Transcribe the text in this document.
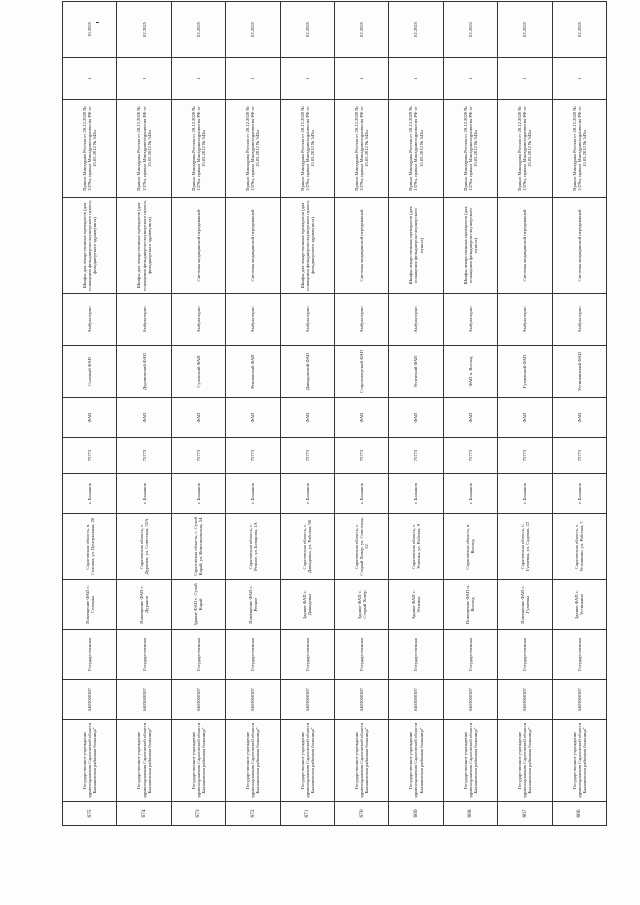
675	Государственное учреждение здравоохранения Саратовской области Балашовская районная больница"	6403000387	Государственная	Помещение ФАП с. Соломка	Саратовская область, п. Соловка, ул. Центральная, 26	г. Балашов	75773	ФАП	Соловый ФАП	Амбулаторно	Шкафы для лекарственных препаратов (для оснащения фельдшерско-акушерского пункта, фельдшерского здравпункта)	Приказ Минздрава России от 28.12.2020 № 1379н, приказ Минздравсоцразвития РФ от 15.05.2012 № 543н	1	10.2025
674	Государственное учреждение здравоохранения Саратовской области Балашовская районная больница"	6403000387	Государственная	Помещение ФАП с. Дуранов	Саратовская область, с. Дуранов, ул. Советская, 32А	г. Балашов	75773	ФАП	Дурановский ФАП	Амбулаторно	Шкафы для лекарственных препаратов (для оснащения фельдшерско-акушерского пункта, фельдшерского здравпункта)	Приказ Минздрава России от 28.12.2020 № 1379н, приказ Минздравсоцразвития РФ от 15.05.2012 № 543н	1	02.2025
673	Государственное учреждение здравоохранения Саратовской области Балашовская районная больница"	6403000387	Государственная	Здание ФАП с. Сухой Карай	Саратовская область, с. Сухой Карай, ул. Комсомольская, 54	г. Балашов	75773	ФАП	Суховский ФАП	Амбулаторно	Системы медицинской передвижной	Приказ Минздрава России от 28.12.2020 № 1379н, приказ Минздравсоцразвития РФ от 15.05.2012 № 543н	1	02.2025
672	Государственное учреждение здравоохранения Саратовской области Балашовская районная больница"	6403000387	Государственная	Помещение ФАП с. Репное	Саратовская область, с. Репное, ул. Бочарова, 1А	г. Балашов	75773	ФАП	Репновский ФАП	Амбулаторно	Системы медицинской передвижной	Приказ Минздрава России от 28.12.2020 № 1379н, приказ Минздравсоцразвития РФ от 15.05.2012 № 543н	1	02.2025
671	Государственное учреждение здравоохранения Саратовской области Балашовская районная больница"	6403000387	Государственная	Здание ФАП с. Давыдовка	Саратовская область, с. Давыдовка, ул. Рабочая, 98	г. Балашов	75773	ФАП	Давыдовский ФАП	Амбулаторно	Шкафы для лекарственных препаратов (для оснащения фельдшерско-акушерского пункта, фельдшерского здравпункта)	Приказ Минздрава России от 28.12.2020 № 1379н, приказ Минздравсоцразвития РФ от 15.05.2012 № 543н	1	02.2025
670	Государственное учреждение здравоохранения Саратовской области Балашовская районная больница"	6403000387	Государственная	Здание ФАП с. Старый Хопер	Саратовская область, с. Старый Хопер, ул. Советская, 52	г. Балашов	75773	ФАП	Старохоперский ФАП	Амбулаторно	Системы медицинской передвижной	Приказ Минздрава России от 28.12.2020 № 1379н, приказ Минздравсоцразвития РФ от 15.05.2012 № 543н	1	02.2025
669	Государственное учреждение здравоохранения Саратовской области Балашовская районная больница"	6403000387	Государственная	Здание ФАП с. Успенка	Саратовская область, с. Успенка, ул. Рабочая, 9	г. Балашов	75773	ФАП	Успенский ФАП	Амбулаторно	Шкафы лекарственных препаратов (для оснащения фельдшерско-акушерского пункта)	Приказ Минздрава России от 28.12.2020 № 1379н, приказ Минздравсоцразвития РФ от 15.05.2012 № 543н	1	02.2025
668	Государственное учреждение здравоохранения Саратовской области Балашовская районная больница"	6403000387	Государственная	Помещение ФАП п. Восход	Саратовская область, п. Восход	г. Балашов	75773	ФАП	ФАП п. Восход	Амбулаторно	Шкафы лекарственных препаратов (для оснащения фельдшерско-акушерского пункта)	Приказ Минздрава России от 28.12.2020 № 1379н, приказ Минздравсоцразвития РФ от 15.05.2012 № 543н	1	02.2022
667	Государственное учреждение здравоохранения Саратовской области Балашовская районная больница"	6403000387	Государственная	Помещение ФАП с. Гуляевка	Саратовская область, с. Гуляевка, ул. Садовая, 22	г. Балашов	75773	ФАП	Гуляевский ФАП	Амбулаторно	Системы медицинской передвижной	Приказ Минздрава России от 28.12.2020 № 1379н, приказ Минздравсоцразвития РФ от 15.05.2012 № 543н	1	02.2025
666	Государственное учреждение здравоохранения Саратовской области Балашовская районная больница"	6403000387	Государственная	Здание ФАП с. Устинкино	Саратовская область, с. Устинкино, ул. Рабочая, 7	г. Балашов	75773	ФАП	Устинкинский ФАП	Амбулаторно	Системы медицинской передвижной	Приказ Минздрава России от 28.12.2020 № 1379н, приказ Минздравсоцразвития РФ от 15.05.2012 № 543н	1	02.2025
